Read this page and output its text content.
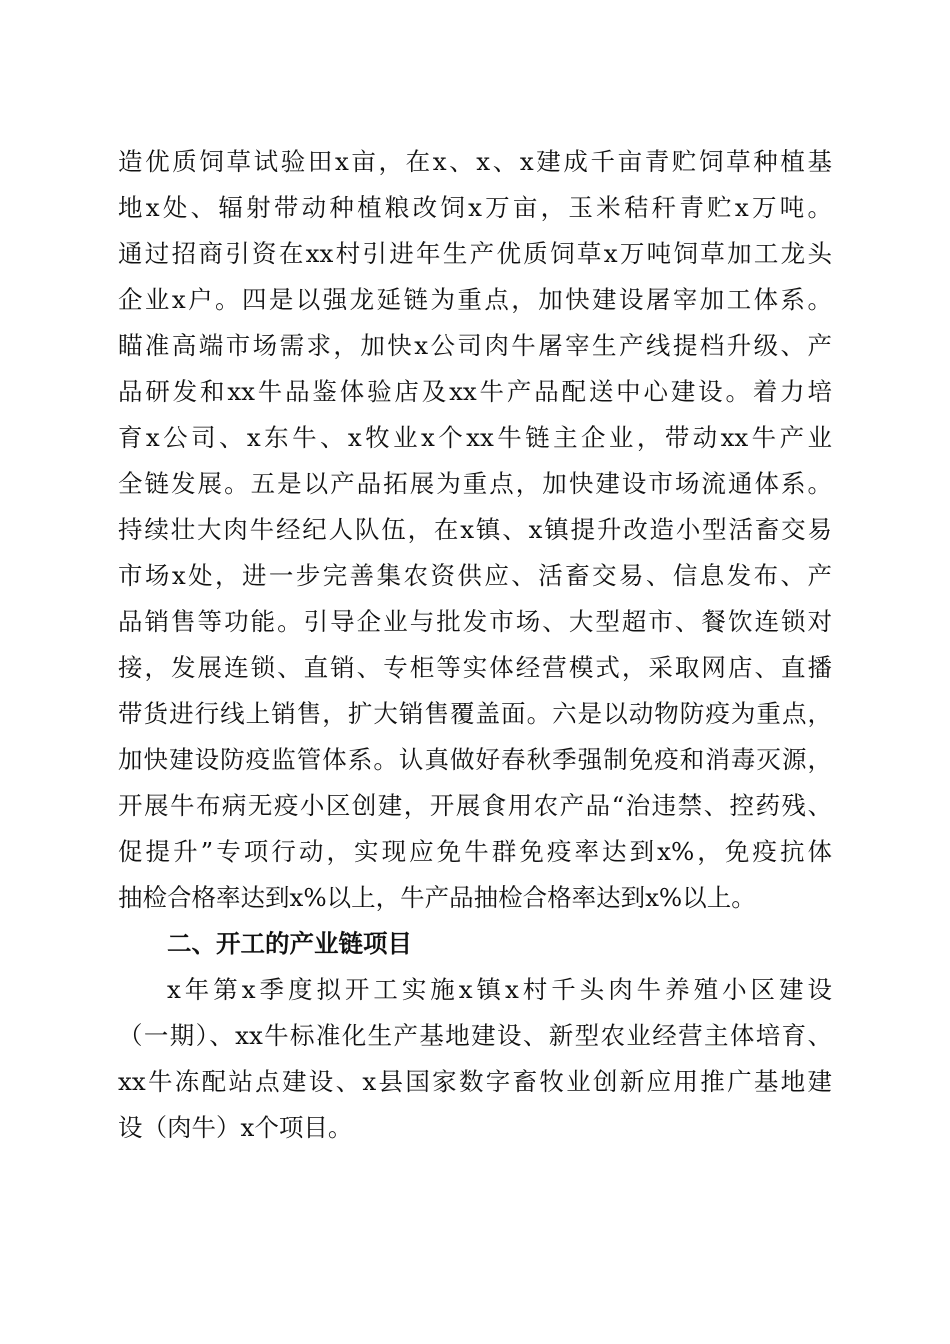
造优质饲草试验田x亩，在x、x、x建成千亩青贮饲草种植基
地x处、辐射带动种植粮改饲x万亩，玉米秸秆青贮x万吨。
通过招商引资在xx村引进年生产优质饲草x万吨饲草加工龙头
企业x户。四是以强龙延链为重点，加快建设屠宰加工体系。
瞄准高端市场需求，加快x公司肉牛屠宰生产线提档升级、产
品研发和xx牛品鉴体验店及xx牛产品配送中心建设。着力培
育x公司、x东牛、x牧业x个xx牛链主企业，带动xx牛产业
全链发展。五是以产品拓展为重点，加快建设市场流通体系。
持续壮大肉牛经纪人队伍，在x镇、x镇提升改造小型活畜交易
市场x处，进一步完善集农资供应、活畜交易、信息发布、产
品销售等功能。引导企业与批发市场、大型超市、餐饮连锁对
接，发展连锁、直销、专柜等实体经营模式，采取网店、直播
带货进行线上销售，扩大销售覆盖面。六是以动物防疫为重点，
加快建设防疫监管体系。认真做好春秋季强制免疫和消毒灭源，
开展牛布病无疫小区创建，开展食用农产品“治违禁、控药残、
促提升”专项行动，实现应免牛群免疫率达到x%，免疫抗体
抽检合格率达到x%以上，牛产品抽检合格率达到x%以上。
二、开工的产业链项目
x年第x季度拟开工实施x镇x村千头肉牛养殖小区建设
（一期）、xx牛标准化生产基地建设、新型农业经营主体培育、
xx牛冻配站点建设、x县国家数字畜牧业创新应用推广基地建
设（肉牛）x个项目。
